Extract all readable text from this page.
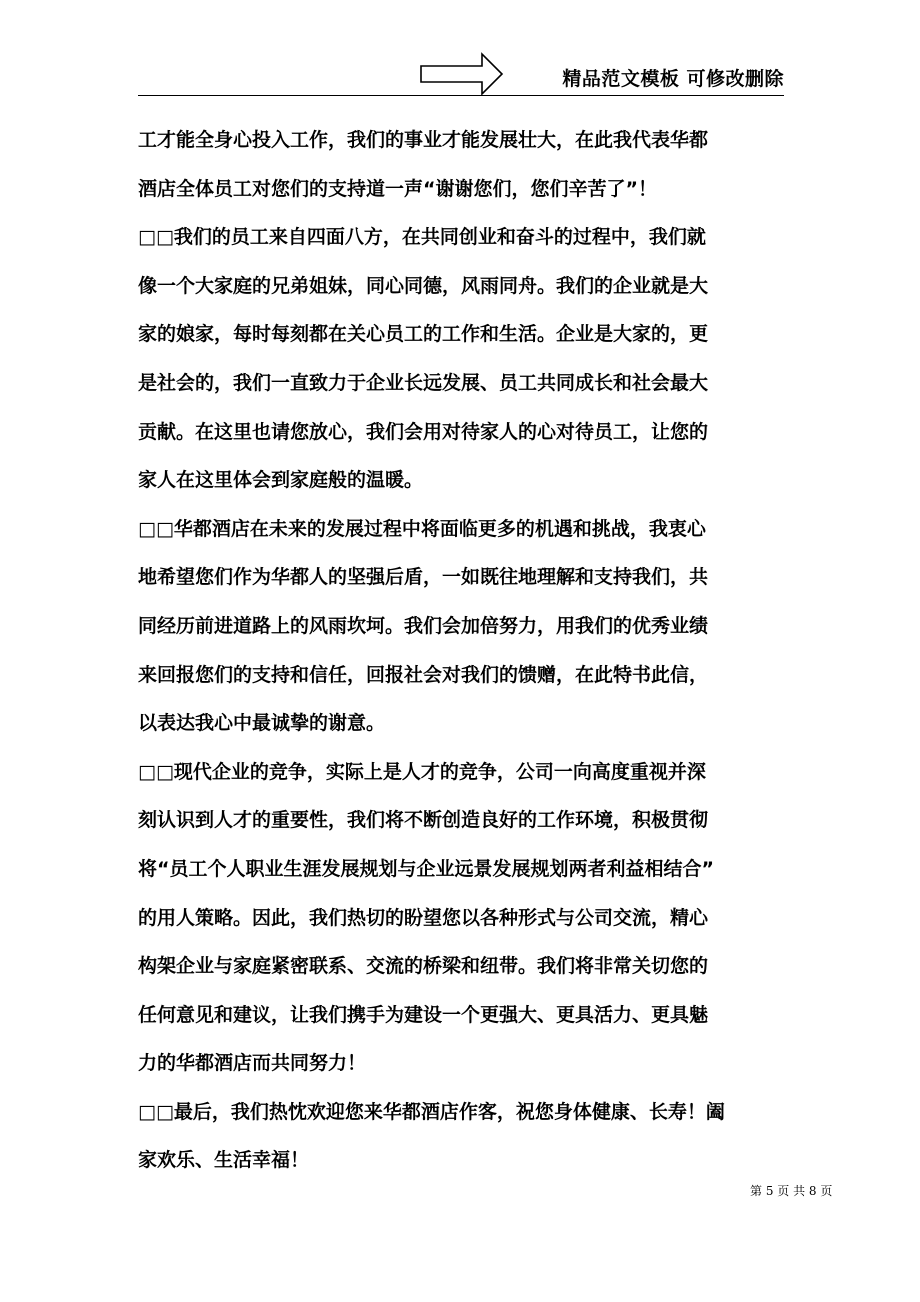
精品范文模板 可修改删除

工才能全身心投入工作，我们的事业才能发展壮大，在此我代表华都

酒店全体员工对您们的支持道一声“谢谢您们，您们辛苦了”！

□□我们的员工来自四面八方，在共同创业和奋斗的过程中，我们就

像一个大家庭的兄弟姐妹，同心同德，风雨同舟。我们的企业就是大

家的娘家，每时每刻都在关心员工的工作和生活。企业是大家的，更

是社会的，我们一直致力于企业长远发展、员工共同成长和社会最大

贡献。在这里也请您放心，我们会用对待家人的心对待员工，让您的

家人在这里体会到家庭般的温暖。

□□华都酒店在未来的发展过程中将面临更多的机遇和挑战，我衷心

地希望您们作为华都人的坚强后盾，一如既往地理解和支持我们，共

同经历前进道路上的风雨坎坷。我们会加倍努力，用我们的优秀业绩

来回报您们的支持和信任，回报社会对我们的馈赠，在此特书此信，

以表达我心中最诚挚的谢意。

□□现代企业的竞争，实际上是人才的竞争，公司一向高度重视并深

刻认识到人才的重要性，我们将不断创造良好的工作环境，积极贯彻

将“员工个人职业生涯发展规划与企业远景发展规划两者利益相结合”

的用人策略。因此，我们热切的盼望您以各种形式与公司交流，精心

构架企业与家庭紧密联系、交流的桥梁和纽带。我们将非常关切您的

任何意见和建议，让我们携手为建设一个更强大、更具活力、更具魅

力的华都酒店而共同努力！

□□最后，我们热忱欢迎您来华都酒店作客，祝您身体健康、长寿！阖

家欢乐、生活幸福！

第 5 页 共 8 页
